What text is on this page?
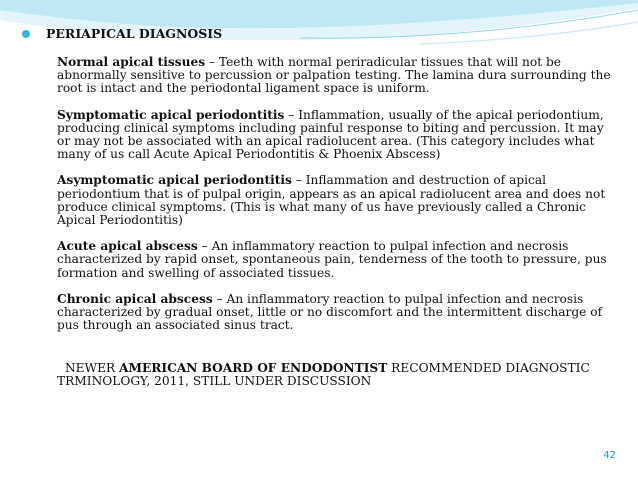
PERIAPICAL DIAGNOSIS

Normal apical tissues – Teeth with normal periradicular tissues that will not be abnormally sensitive to percussion or palpation testing. The lamina dura surrounding the root is intact and the periodontal ligament space is uniform.

Symptomatic apical periodontitis – Inflammation, usually of the apical periodontium, producing clinical symptoms including painful response to biting and percussion. It may or may not be associated with an apical radiolucent area. (This category includes what many of us call Acute Apical Periodontitis & Phoenix Abscess)

Asymptomatic apical periodontitis – Inflammation and destruction of apical periodontium that is of pulpal origin, appears as an apical radiolucent area and does not produce clinical symptoms. (This is what many of us have previously called a Chronic Apical Periodontitis)

Acute apical abscess – An inflammatory reaction to pulpal infection and necrosis characterized by rapid onset, spontaneous pain, tenderness of the tooth to pressure, pus formation and swelling of associated tissues.

Chronic apical abscess – An inflammatory reaction to pulpal infection and necrosis characterized by gradual onset, little or no discomfort and the intermittent discharge of pus through an associated sinus tract.

NEWER AMERICAN BOARD OF ENDODONTIST RECOMMENDED DIAGNOSTIC TRMINOLOGY, 2011, STILL UNDER DISCUSSION
42
